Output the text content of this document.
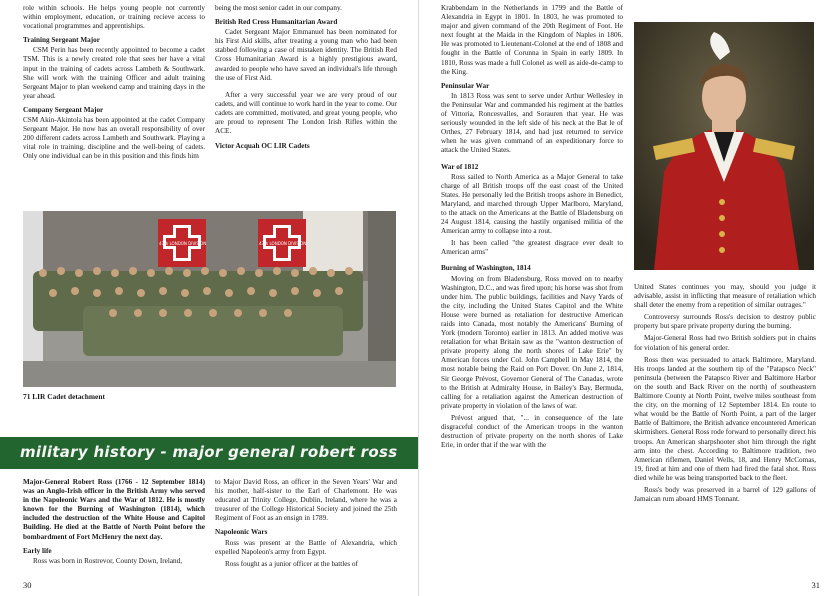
role within schools. He helps young people not currently within employment, education, or training recieve access to vocational programmes and apprentiships.

Training Sergeant Major

CSM Perin has been recently appointed to become a cadet TSM. This is a newly created role that sees her have a vital input in the training of cadets across Lambeth & Southwark. She will work with the training Officer and adult training Sergeant Major to plan weekend camp and training days in the year ahead.

Company Sergeant Major

CSM Akin-Akintola has been appointed at the cadet Company Sergeant Major. He now has an overall responsibility of over 200 different cadets across Lambeth and Southwark. Playing a vital role in training, discipline and the well-being of cadets. Only one individual can be in this position and this finds him

being the most senior cadet in our company.

British Red Cross Humanitarian Award

Cadet Sergeant Major Emmanuel has been nominated for his First Aid skills, after treating a young man who had been stabbed following a case of mistaken identity. The British Red Cross Humanitarian Award is a highly prestigious award, awarded to people who have saved an individual's life through the use of First Aid.

After a very successful year we are very proud of our cadets, and will continue to work hard in the year to come. Our cadets are committed, motivated, and great young people, who are proud to represent The London Irish Rifles within the ACE.

Victor Acquah OC LIR Cadets

47th LONDON DIVISION	47th LONDON DIVISION
71 LIR Cadet detachment
military history - major general robert ross

Major-General Robert Ross (1766 - 12 September 1814) was an Anglo-Irish officer in the British Army who served in the Napoleonic Wars and the War of 1812. He is mostly known for the Burning of Washington (1814), which included the destruction of the White House and Capitol Building. He died at the Battle of North Point before the bombardment of Fort McHenry the next day.

Early life

Ross was born in Rostrevor, County Down, Ireland,

to Major David Ross, an officer in the Seven Years' War and his mother, half-sister to the Earl of Charlemont. He was educated at Trinity College, Dublin, Ireland, where he was a treasurer of the College Historical Society and joined the 25th Regiment of Foot as an ensign in 1789.

Napoleonic Wars

Ross was present at the Battle of Alexandria, which expelled Napoleon's army from Egypt.

Ross fought as a junior officer at the battles of

30

Krabbendam in the Netherlands in 1799 and the Battle of Alexandria in Egypt in 1801. In 1803, he was promoted to major and given command of the 20th Regiment of Foot. He next fought at the Maida in the Kingdom of Naples in 1806. He was promoted to Lieutenant-Colonel at the end of 1808 and fought in the Battle of Corunna in Spain in early 1809. In 1810, Ross was made a full Colonel as well as aide-de-camp to the King.

Peninsular War

In 1813 Ross was sent to serve under Arthur Wellesley in the Peninsular War and commanded his regiment at the battles of Vittoria, Roncesvalles, and Sorauren that year. He was seriously wounded in the left side of his neck at the Bat le of Orthes, 27 February 1814, and had just returned to service when he was given command of an expeditionary force to attack the United States.

War of 1812

Ross sailed to North America as a Major General to take charge of all British troops off the east coast of the United States. He personally led the British troops ashore in Benedict, Maryland, and marched through Upper Marlboro, Maryland, to the attack on the Americans at the Battle of Bladensburg on 24 August 1814, causing the hastily organised militia of the American army to collapse into a rout.

It has been called "the greatest disgrace ever dealt to American arms"

Burning of Washington, 1814

Moving on from Bladensburg, Ross moved on to nearby Washington, D.C., and was fired upon; his horse was shot from under him. The public buildings, facilities and Navy Yards of the city, including the United States Capitol and the White House were burned as retaliation for destructive American raids into Canada, most notably the Americans' Burning of York (modern Toronto) earlier in 1813. An added motive was retaliation for what Britain saw as the "wanton destruction of private property along the north shores of Lake Erie" by American forces under Col. John Campbell in May 1814, the most notable being the Raid on Port Dover. On June 2, 1814, Sir George Prévost, Governor General of The Canadas, wrote to the British at Admiralty House, in Bailey's Bay, Bermuda, calling for a retaliation against the American destruction of private property in violation of the laws of war.

Prévost argued that, "... in consequence of the late disgraceful conduct of the American troops in the wanton destruction of private property on the north shores of Lake Erie, in order that if the war with the

United States continues you may, should you judge it advisable, assist in inflicting that measure of retaliation which shall deter the enemy from a repetition of similar outrages."

Controversy surrounds Ross's decision to destroy public property but spare private property during the burning.

Major-General Ross had two British soldiers put in chains for violation of his general order.

Ross then was persuaded to attack Baltimore, Maryland. His troops landed at the southern tip of the "Patapsco Neck" peninsula (between the Patapsco River and Baltimore Harbor on the south and Back River on the north) of southeastern Baltimore County at North Point, twelve miles southeast from the city, on the morning of 12 September 1814. En route to what would be the Battle of North Point, a part of the larger Battle of Baltimore, the British advance encountered American skirmishers. General Ross rode forward to personally direct his troops. An American sharpshooter shot him through the right arm into the chest. According to Baltimore tradition, two American riflemen, Daniel Wells, 18, and Henry McComas, 19, fired at him and one of them had fired the fatal shot. Ross died while he was being transported back to the fleet.

Ross's body was preserved in a barrel of 129 gallons of Jamaican rum aboard HMS Tonnant.

31
